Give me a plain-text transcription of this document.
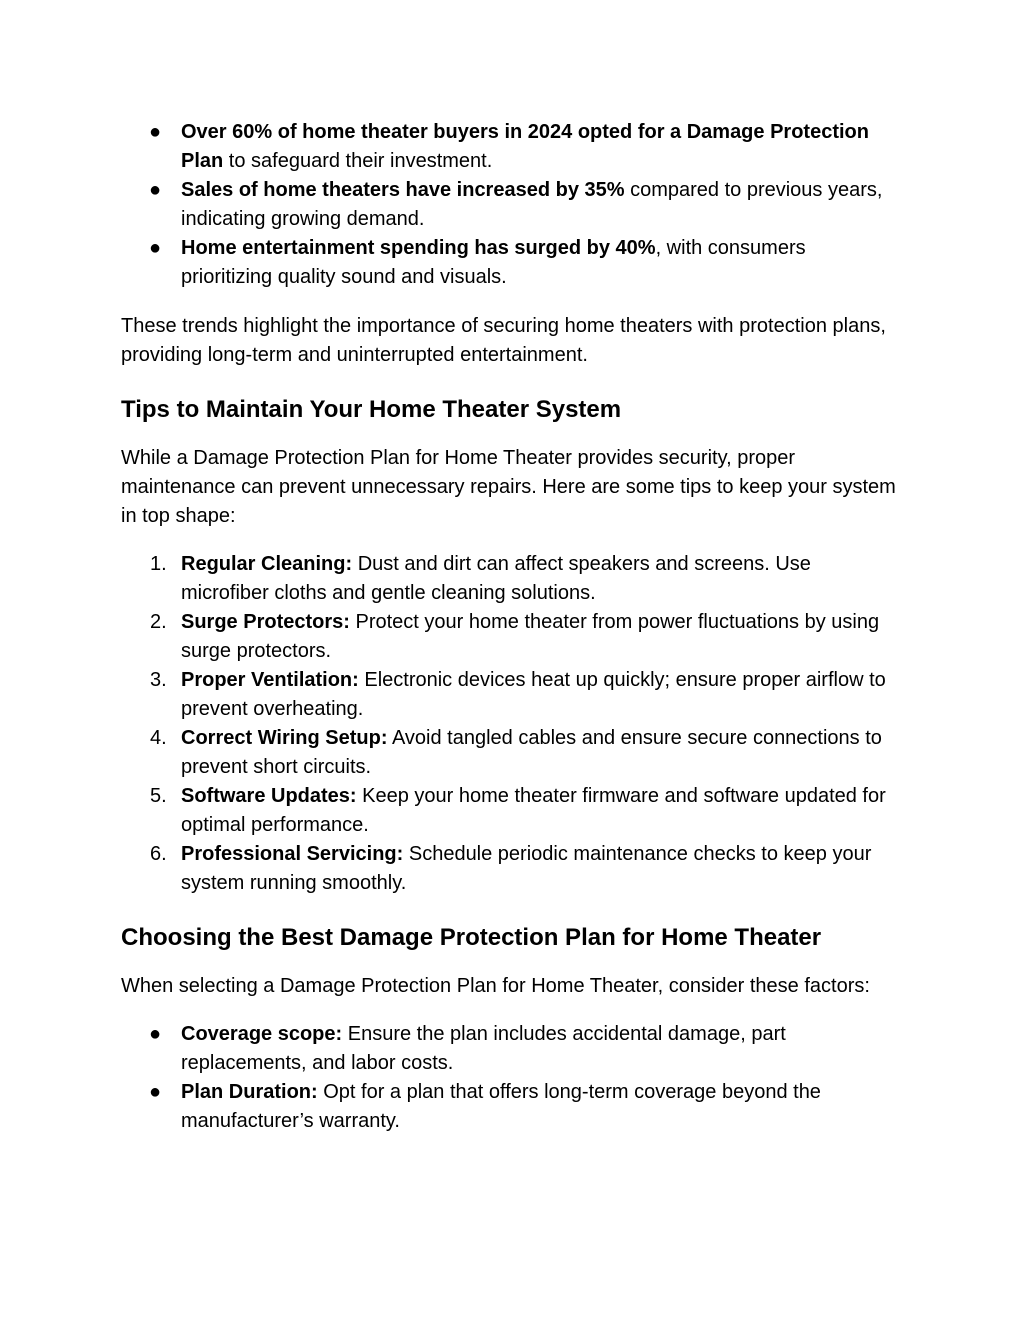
● Over 60% of home theater buyers in 2024 opted for a Damage Protection Plan to safeguard their investment.
● Sales of home theaters have increased by 35% compared to previous years, indicating growing demand.
● Home entertainment spending has surged by 40%, with consumers prioritizing quality sound and visuals.

These trends highlight the importance of securing home theaters with protection plans, providing long-term and uninterrupted entertainment.

Tips to Maintain Your Home Theater System

While a Damage Protection Plan for Home Theater provides security, proper maintenance can prevent unnecessary repairs. Here are some tips to keep your system in top shape:

1. Regular Cleaning: Dust and dirt can affect speakers and screens. Use microfiber cloths and gentle cleaning solutions.
2. Surge Protectors: Protect your home theater from power fluctuations by using surge protectors.
3. Proper Ventilation: Electronic devices heat up quickly; ensure proper airflow to prevent overheating.
4. Correct Wiring Setup: Avoid tangled cables and ensure secure connections to prevent short circuits.
5. Software Updates: Keep your home theater firmware and software updated for optimal performance.
6. Professional Servicing: Schedule periodic maintenance checks to keep your system running smoothly.
Choosing the Best Damage Protection Plan for Home Theater

When selecting a Damage Protection Plan for Home Theater, consider these factors:

● Coverage scope: Ensure the plan includes accidental damage, part replacements, and labor costs.
● Plan Duration: Opt for a plan that offers long-term coverage beyond the manufacturer’s warranty.
